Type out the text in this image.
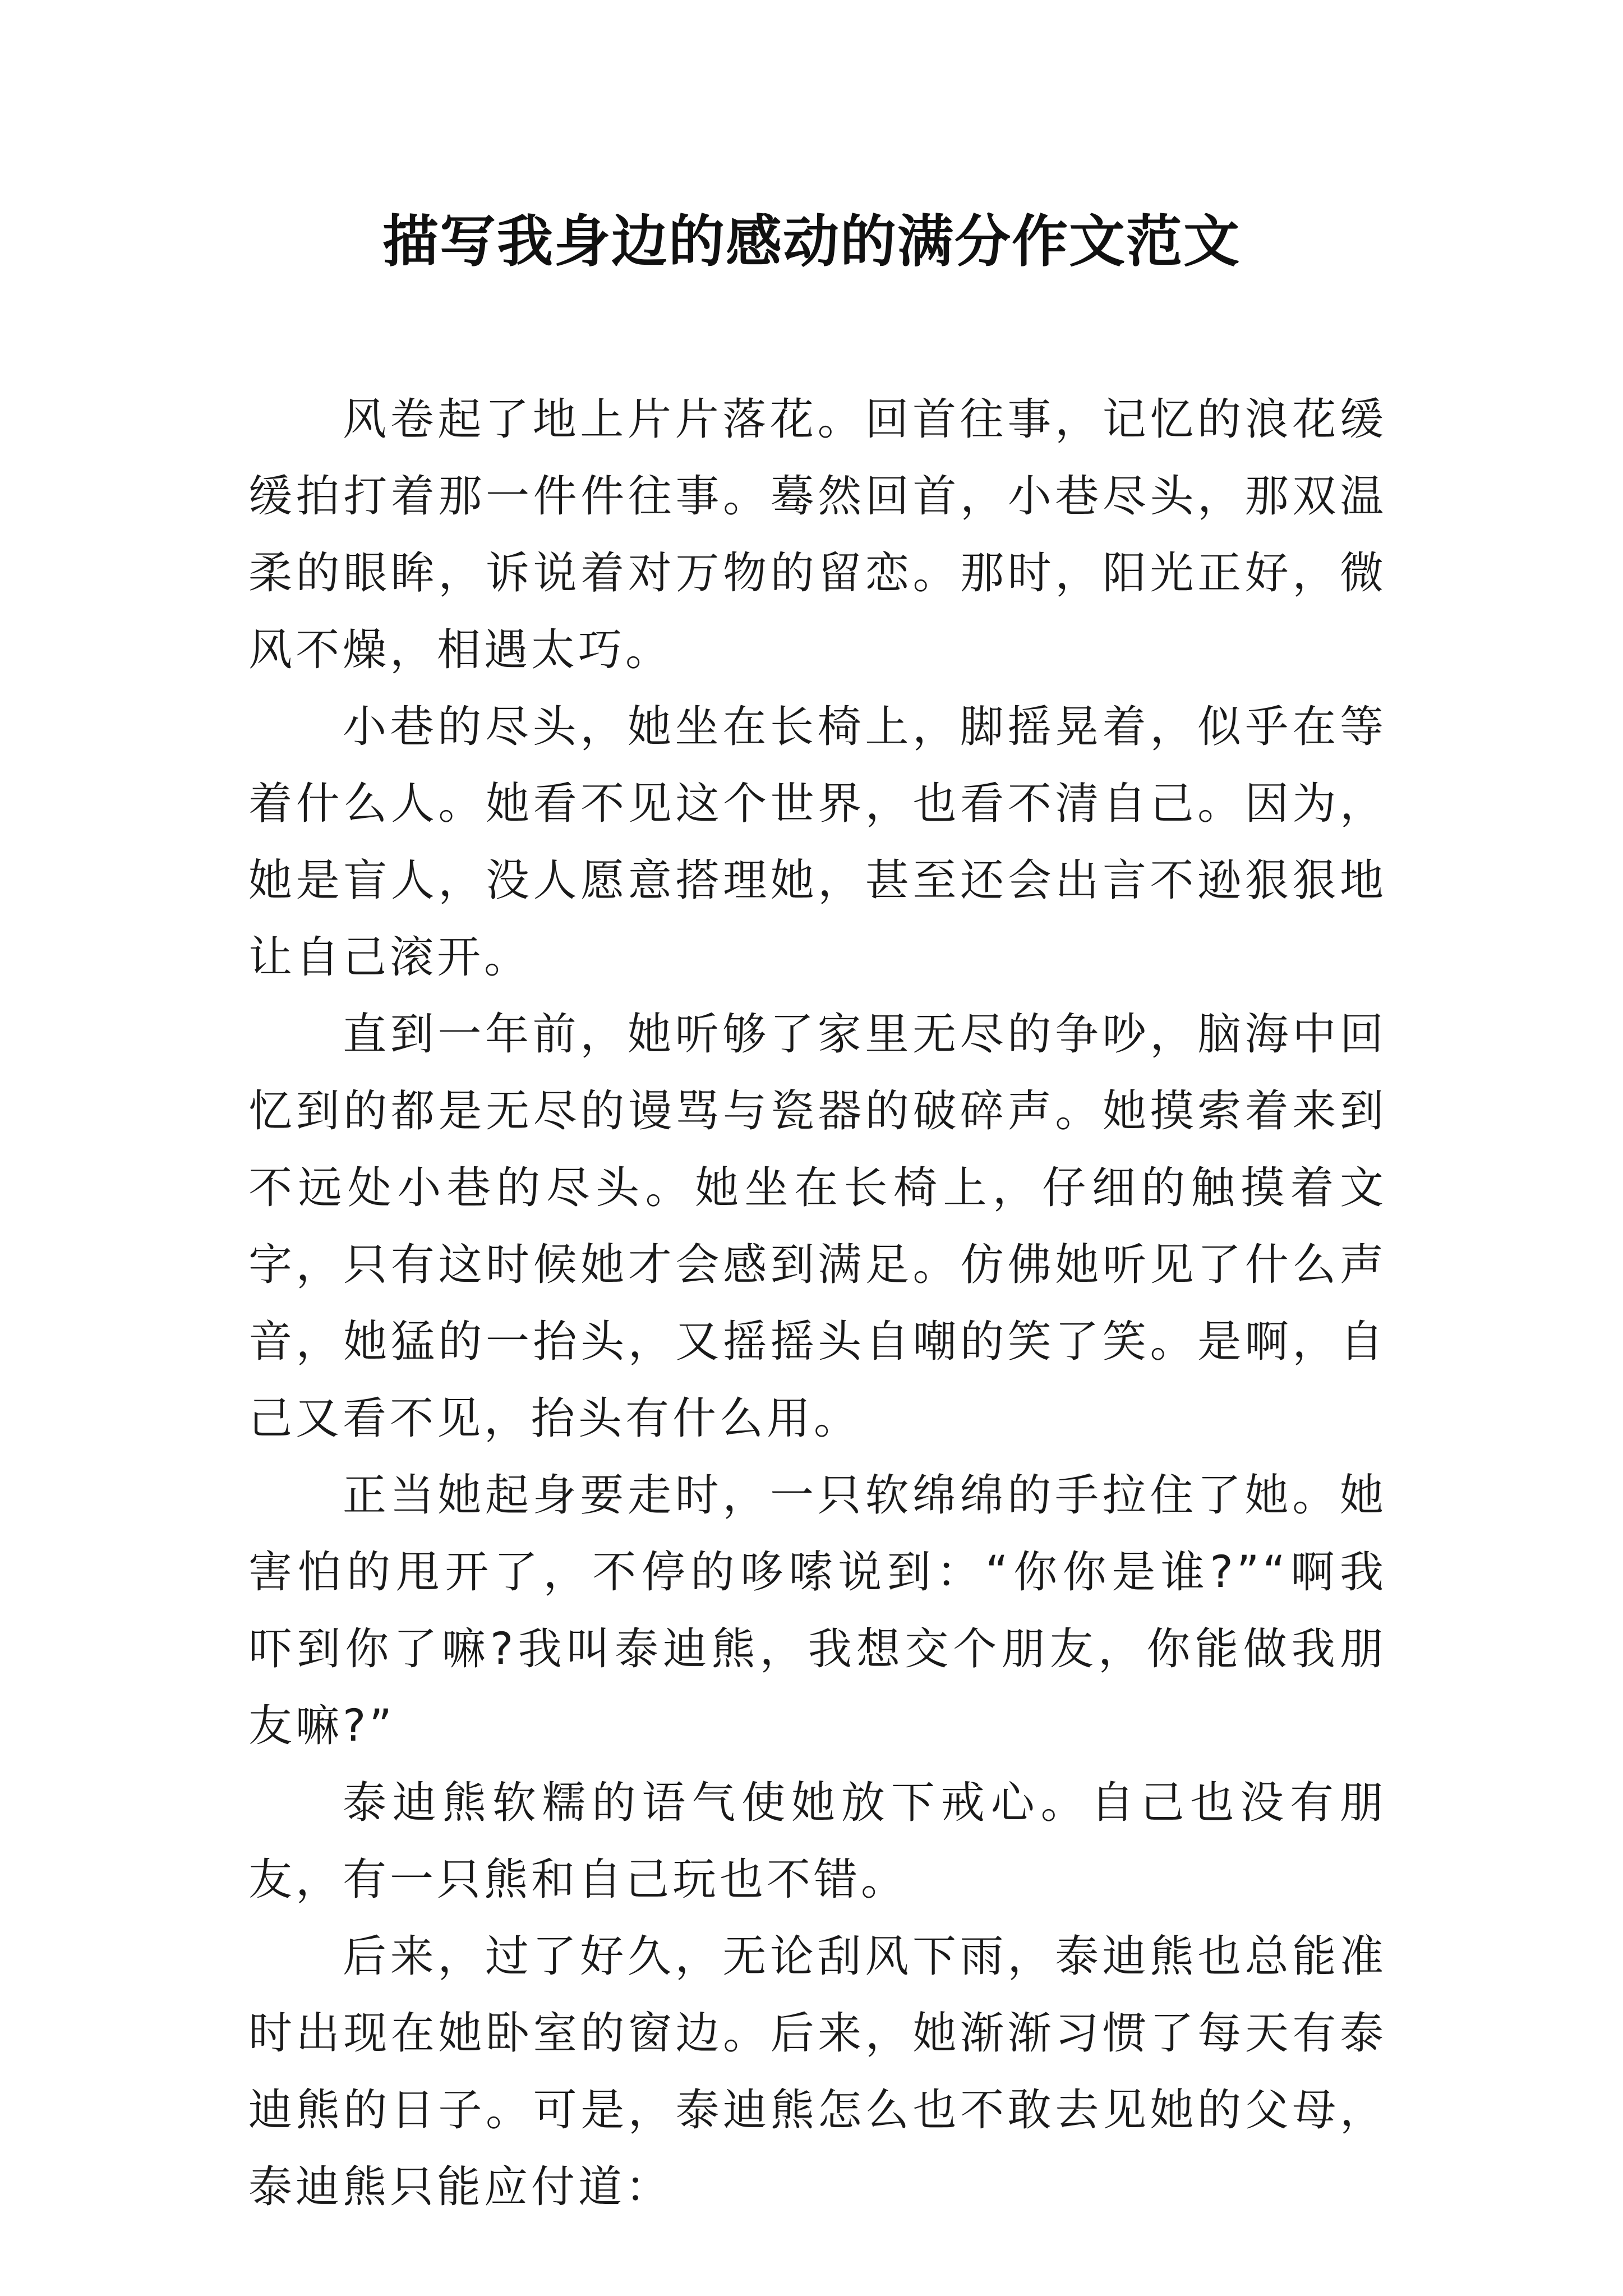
描写我身边的感动的满分作文范文

风卷起了地上片片落花。回首往事，记忆的浪花缓缓拍打着那一件件往事。蓦然回首，小巷尽头，那双温柔的眼眸，诉说着对万物的留恋。那时，阳光正好，微风不燥，相遇太巧。

小巷的尽头，她坐在长椅上，脚摇晃着，似乎在等着什么人。她看不见这个世界，也看不清自己。因为，她是盲人，没人愿意搭理她，甚至还会出言不逊狠狠地让自己滚开。

直到一年前，她听够了家里无尽的争吵，脑海中回忆到的都是无尽的谩骂与瓷器的破碎声。她摸索着来到不远处小巷的尽头。她坐在长椅上，仔细的触摸着文字，只有这时候她才会感到满足。仿佛她听见了什么声音，她猛的一抬头，又摇摇头自嘲的笑了笑。是啊，自己又看不见，抬头有什么用。

正当她起身要走时，一只软绵绵的手拉住了她。她害怕的甩开了，不停的哆嗦说到：“你你是谁?”“啊我吓到你了嘛?我叫泰迪熊，我想交个朋友，你能做我朋友嘛?”

泰迪熊软糯的语气使她放下戒心。自己也没有朋友，有一只熊和自己玩也不错。

后来，过了好久，无论刮风下雨，泰迪熊也总能准时出现在她卧室的窗边。后来，她渐渐习惯了每天有泰迪熊的日子。可是，泰迪熊怎么也不敢去见她的父母，泰迪熊只能应付道：
